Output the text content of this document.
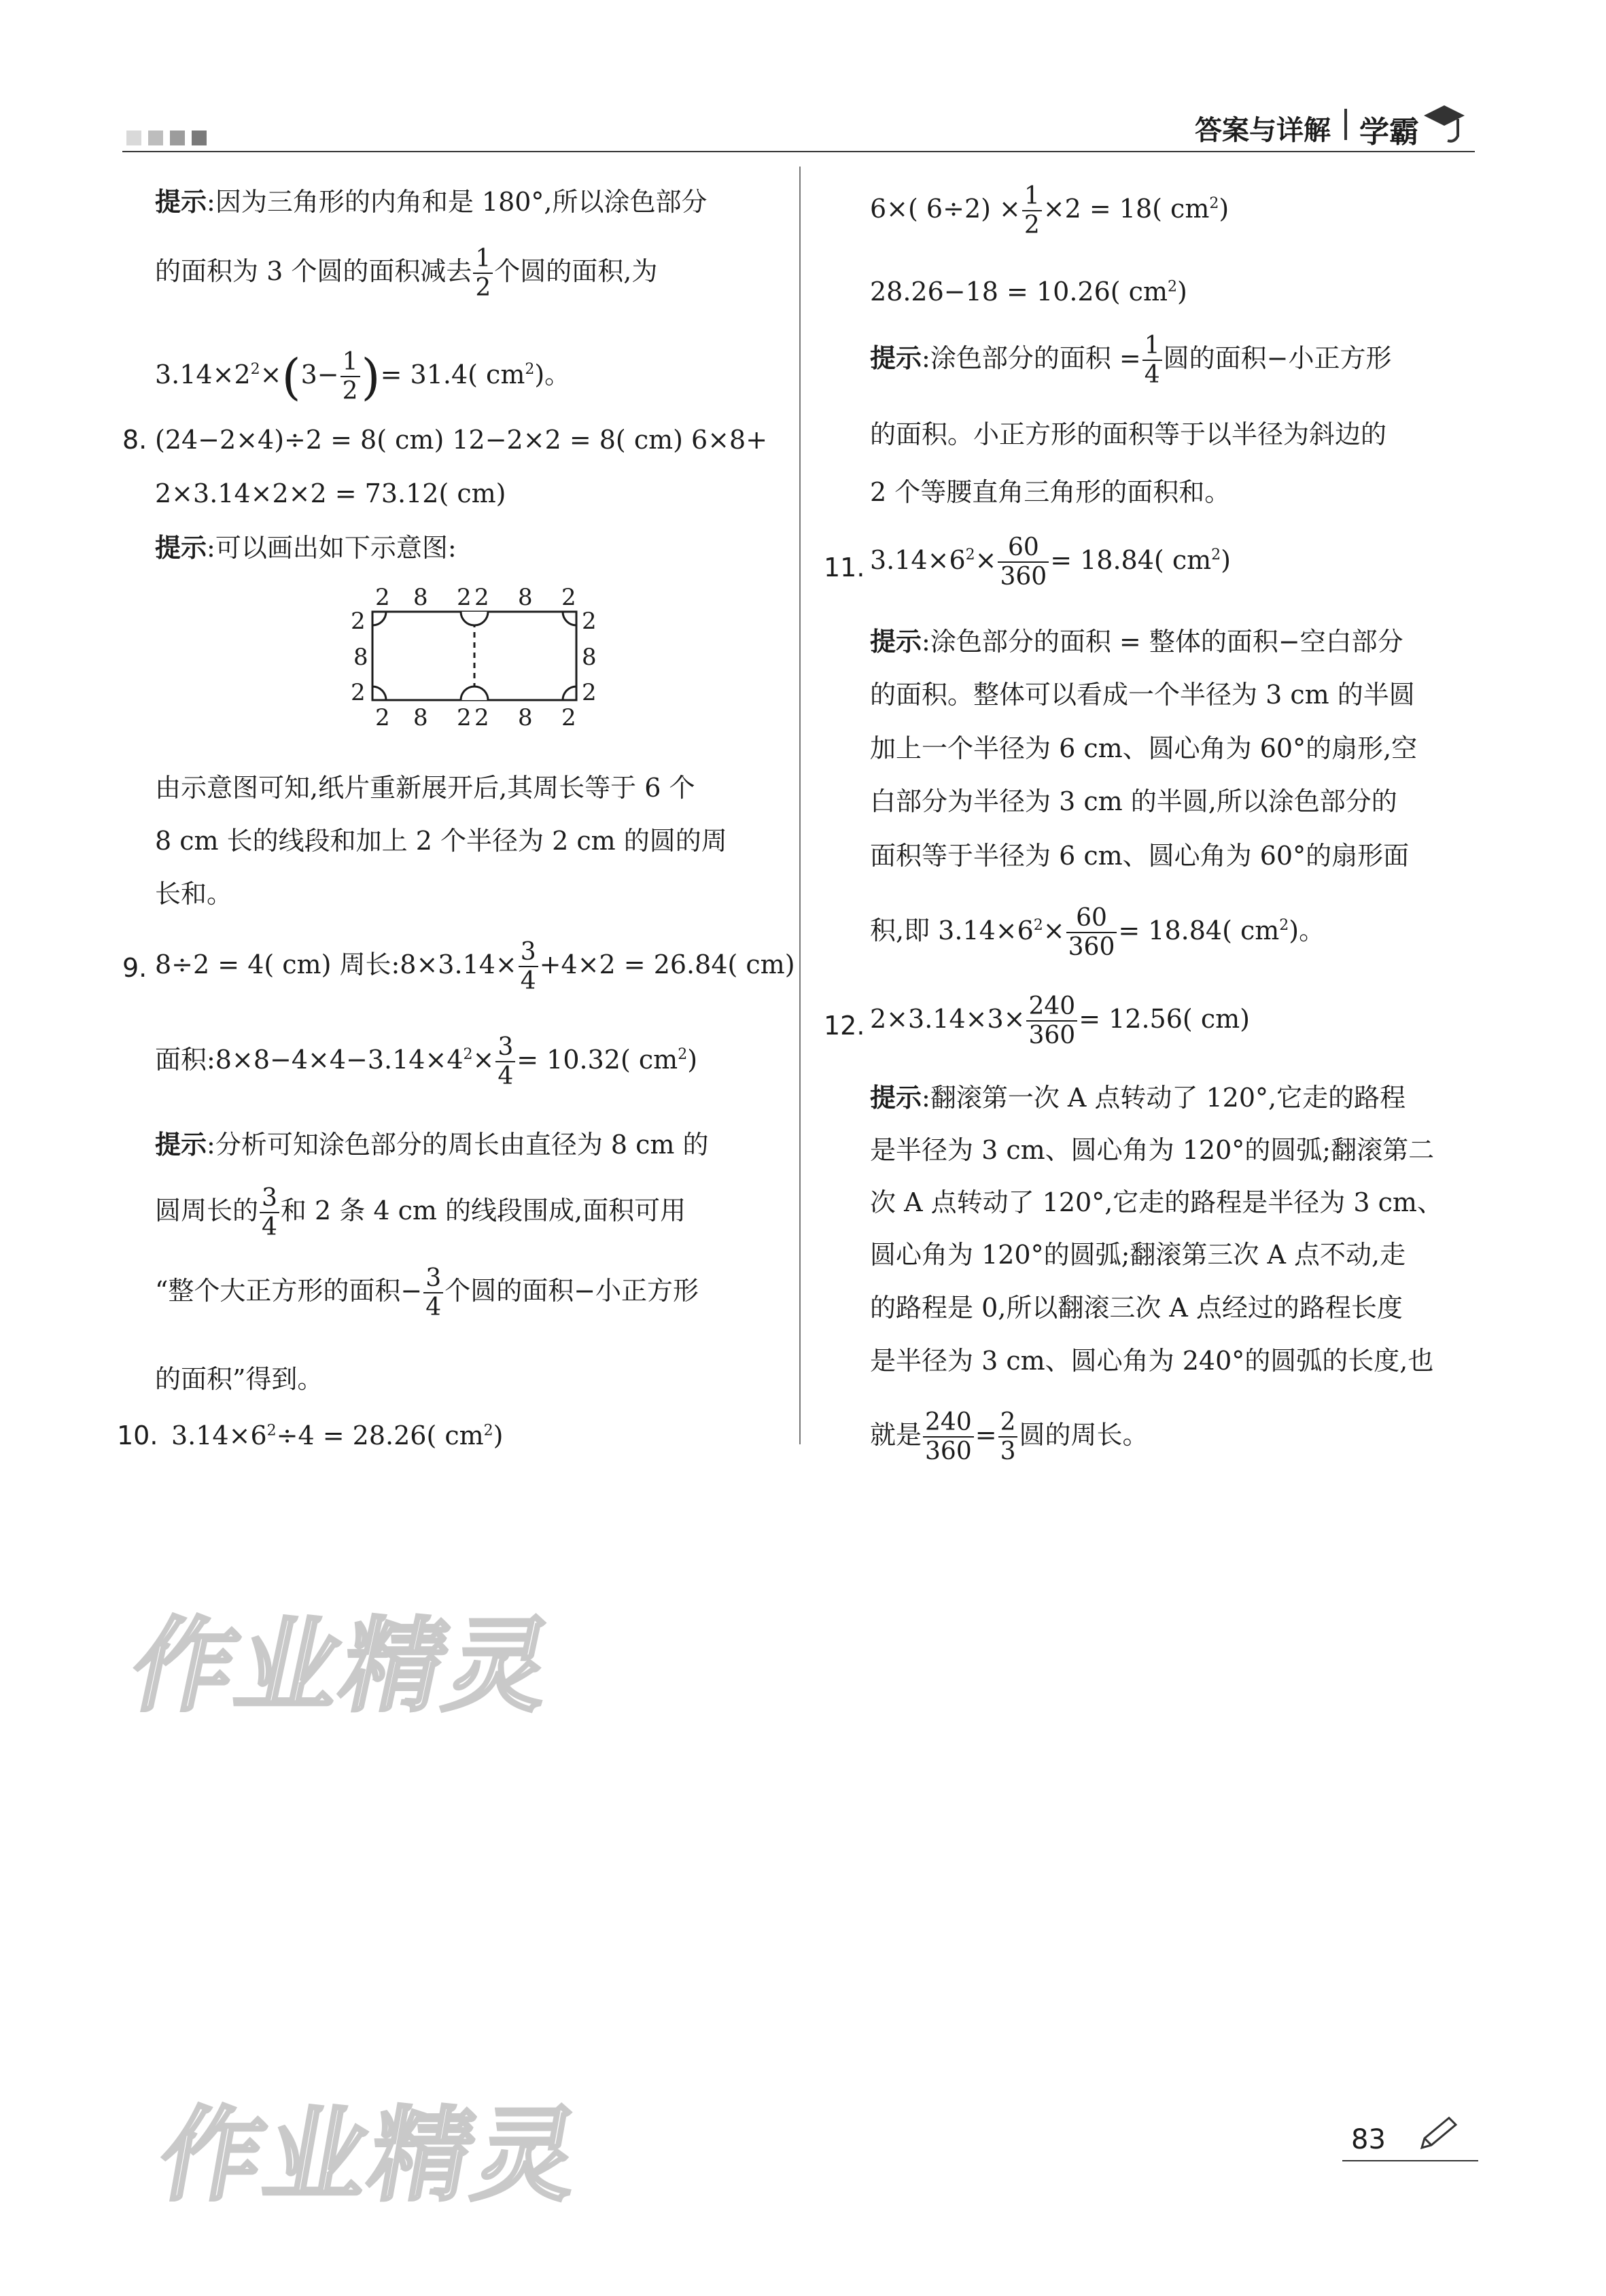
答案与详解 学霸
提示:因为三角形的内角和是 180°,所以涂色部分
的面积为 3 个圆的面积减去 $\frac{1}{2}$ 个圆的面积,为
$3.14\times 2^2\times(3- \frac{1}{2}$ )= 31.4( $cm^2$)。
8. (24−2×4)÷2 = 8( cm) 12−2×2 = 8( cm) 6×8+
2×3.14×2×2 = 73.12( cm)
提示:可以画出如下示意图:
2 8 2 2 8 2
2 8 2 2 8 2
2
8
2
2
8
2
由示意图可知,纸片重新展开后,其周长等于 6 个
8 cm 长的线段和加上 2 个半径为 2 cm 的圆的周
长和。
9. 8÷2 = 4( cm) 周长:8×3.14× $\frac{3}{4} +4\times 2 = 26.84$( cm)
面积$:8\times 8-4\times 4-3.14\times 4^2\times \frac{3}{4} = 10.32$( $cm^2$)
提示:分析可知涂色部分的周长由直径为 8 cm 的
圆周长的 $\frac{3}{4}$ 和 2 条 4 cm 的线段围成,面积可用
“整个大正方形的面积− $\frac{3}{4}$ 个圆的面积−小正方形
的面积”得到。
10. $3.14\times 6^2\div 4 = 28.26$( $cm^2$)
6×( $6\div 2) \times \frac{1}{2} \times 2 = 18$( $cm^2$)
28.26−18 = 10.26( $cm^2$)
提示:涂色部分的面积 = $\frac{1}{4}$ 圆的面积−小正方形
的面积。小正方形的面积等于以半径为斜边的
2 个等腰直角三角形的面积和。
11. $3.14\times 6^2\times \frac{60}{360} = 18.84$( $cm^2$)
提示:涂色部分的面积 = 整体的面积−空白部分
的面积。整体可以看成一个半径为 3 cm 的半圆
加上一个半径为 6 cm、圆心角为 60°的扇形,空
白部分为半径为 3 cm 的半圆,所以涂色部分的
面积等于半径为 6 cm、圆心角为 60°的扇形面
积,即 $3.14\times 6^2\times \frac{60}{360} = 18.84$( $cm^2$)。
12. $2\times 3.14\times 3\times \frac{240}{360} = 12.56$( cm)
提示:翻滚第一次 A 点转动了 120°,它走的路程
是半径为 3 cm、圆心角为 120°的圆弧;翻滚第二
次 A 点转动了 120°,它走的路程是半径为 3 cm、
圆心角为 120°的圆弧;翻滚第三次 A 点不动,走
的路程是 0,所以翻滚三次 A 点经过的路程长度
是半径为 3 cm、圆心角为 240°的圆弧的长度,也
就是 $\frac{240}{360} = \frac{2}{3}$ 圆的周长。
作业精灵
作业精灵	83
